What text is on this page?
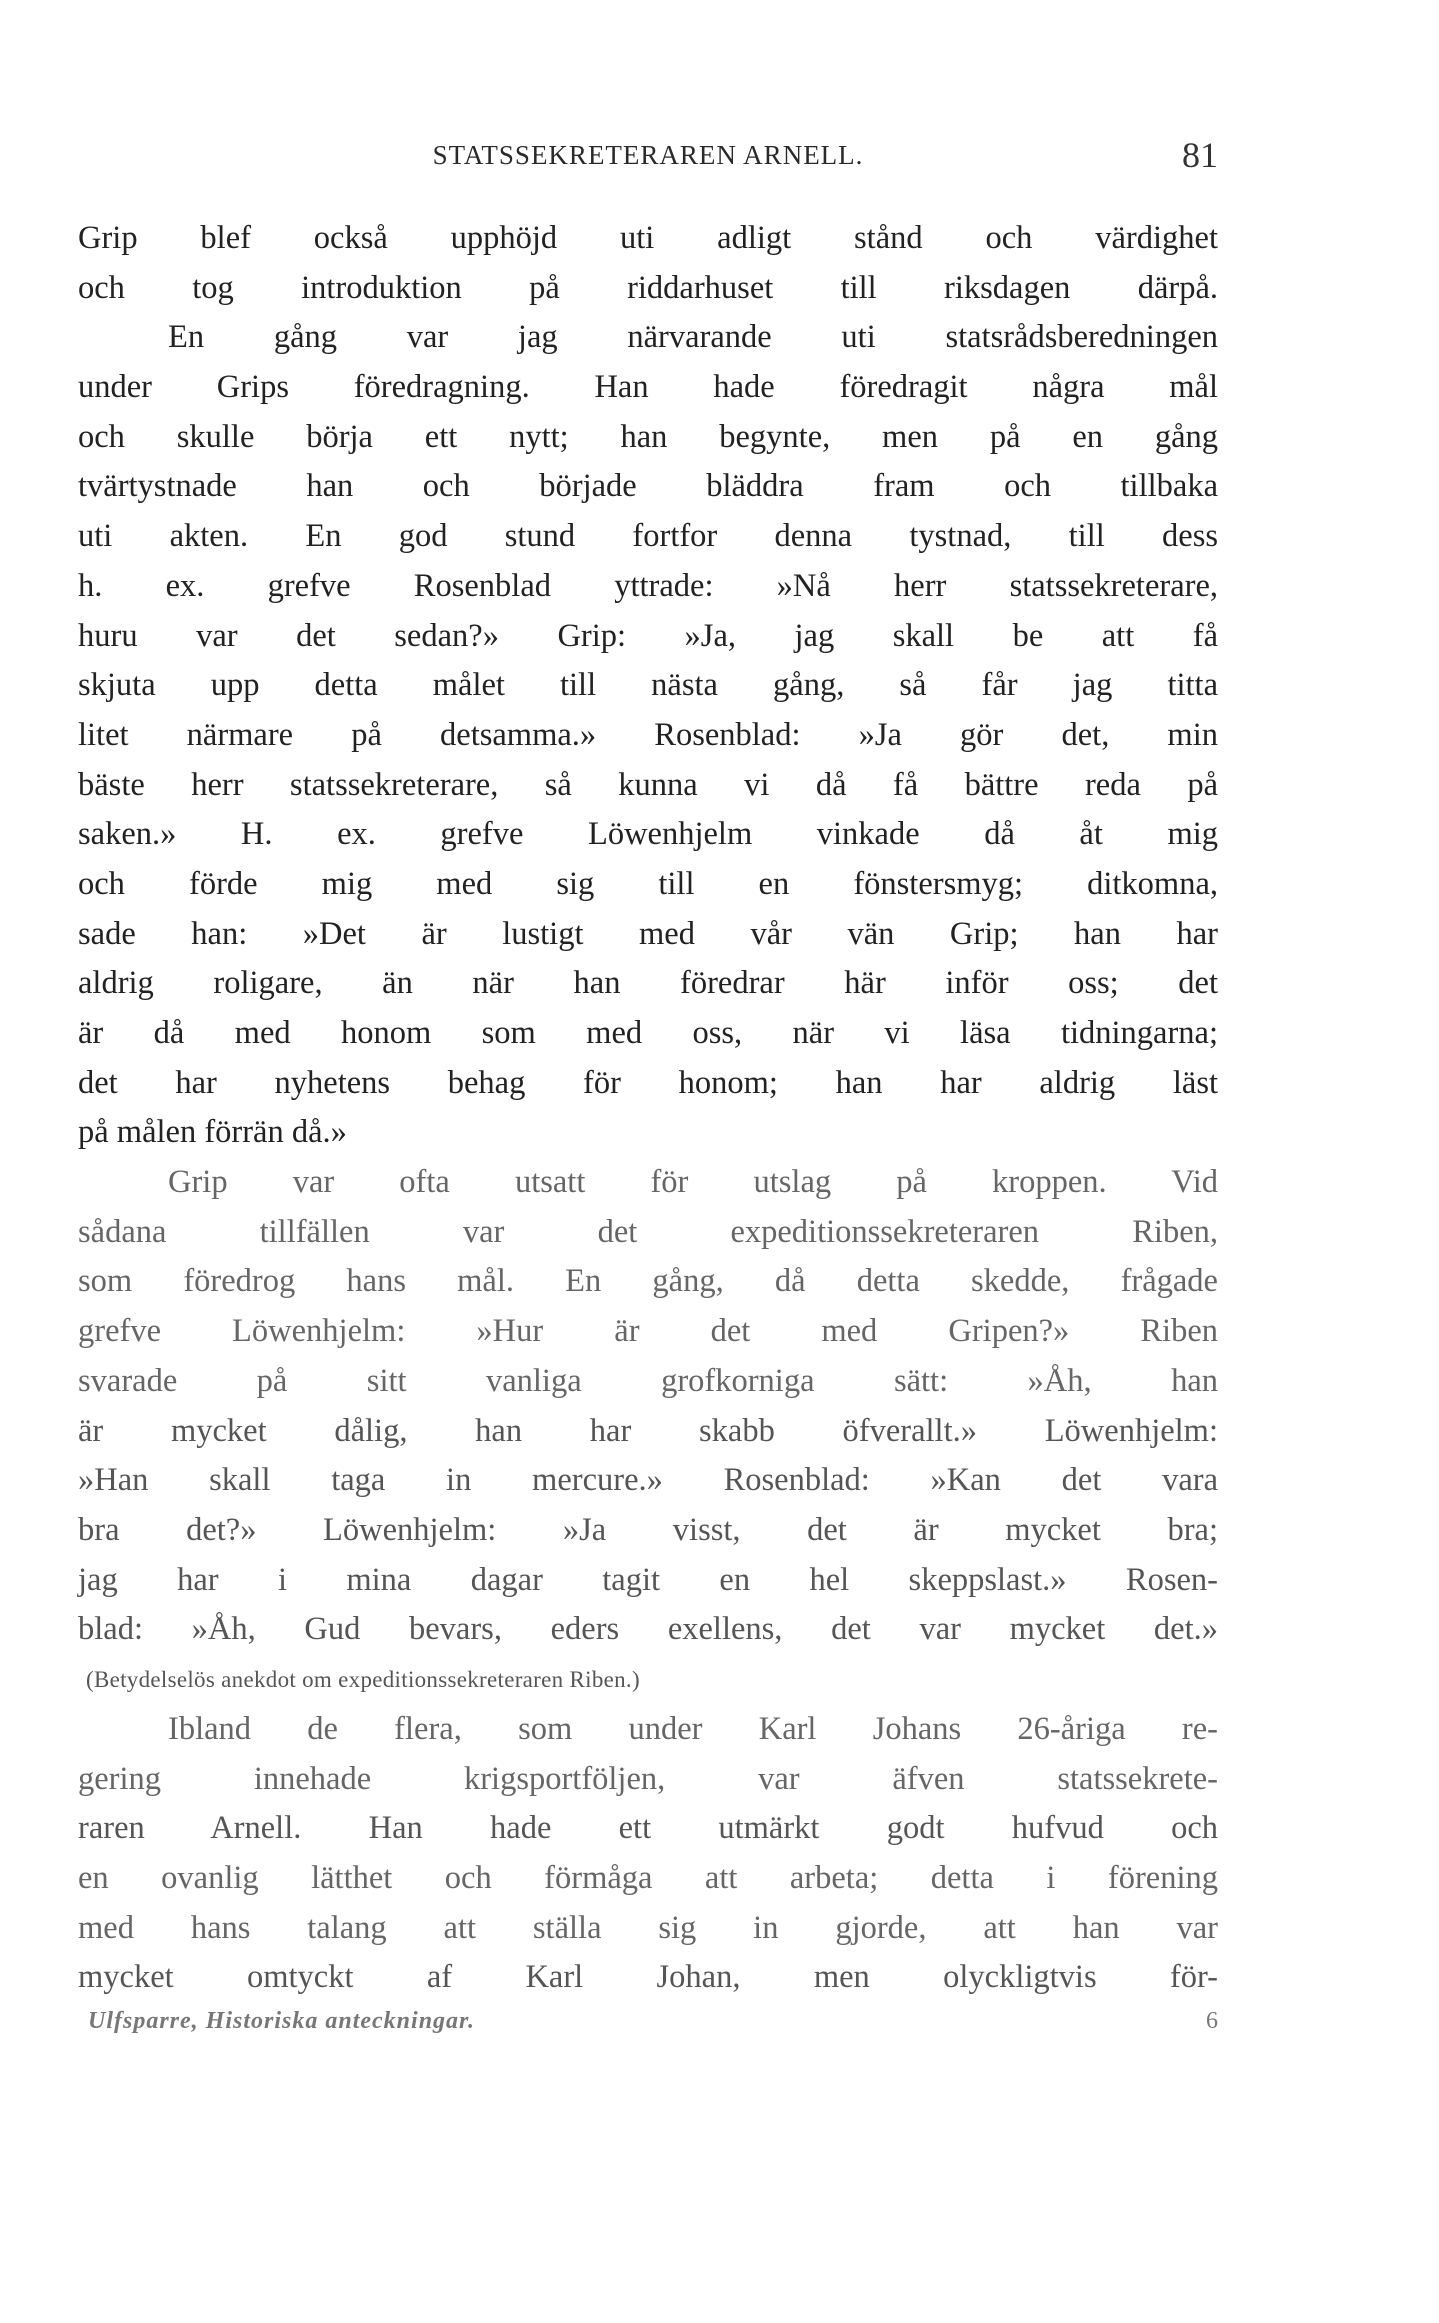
STATSSEKRETERAREN ARNELL.	81
Grip blef också upphöjd uti adligt stånd och värdighet
och tog introduktion på riddarhuset till riksdagen därpå.
En gång var jag närvarande uti statsrådsberedningen
under Grips föredragning. Han hade föredragit några mål
och skulle börja ett nytt; han begynte, men på en gång
tvärtystnade han och började bläddra fram och tillbaka
uti akten. En god stund fortfor denna tystnad, till dess
h. ex. grefve Rosenblad yttrade: »Nå herr statssekreterare,
huru var det sedan?» Grip: »Ja, jag skall be att få
skjuta upp detta målet till nästa gång, så får jag titta
litet närmare på detsamma.» Rosenblad: »Ja gör det, min
bäste herr statssekreterare, så kunna vi då få bättre reda på
saken.» H. ex. grefve Löwenhjelm vinkade då åt mig
och förde mig med sig till en fönstersmyg; ditkomna,
sade han: »Det är lustigt med vår vän Grip; han har
aldrig roligare, än när han föredrar här inför oss; det
är då med honom som med oss, när vi läsa tidningarna;
det har nyhetens behag för honom; han har aldrig läst
på målen förrän då.»
Grip var ofta utsatt för utslag på kroppen. Vid
sådana tillfällen var det expeditionssekreteraren Riben,
som föredrog hans mål. En gång, då detta skedde, frågade
grefve Löwenhjelm: »Hur är det med Gripen?» Riben
svarade på sitt vanliga grofkorniga sätt: »Åh, han
är mycket dålig, han har skabb öfverallt.» Löwenhjelm:
»Han skall taga in mercure.» Rosenblad: »Kan det vara
bra det?» Löwenhjelm: »Ja visst, det är mycket bra;
jag har i mina dagar tagit en hel skeppslast.» Rosen-
blad: »Åh, Gud bevars, eders exellens, det var mycket det.»
(Betydelselös anekdot om expeditionssekreteraren Riben.)
Ibland de flera, som under Karl Johans 26-åriga re-
gering innehade krigsportföljen, var äfven statssekrete-
raren Arnell. Han hade ett utmärkt godt hufvud och
en ovanlig lätthet och förmåga att arbeta; detta i förening
med hans talang att ställa sig in gjorde, att han var
mycket omtyckt af Karl Johan, men olyckligtvis för-
Ulfsparre, Historiska anteckningar.	6
